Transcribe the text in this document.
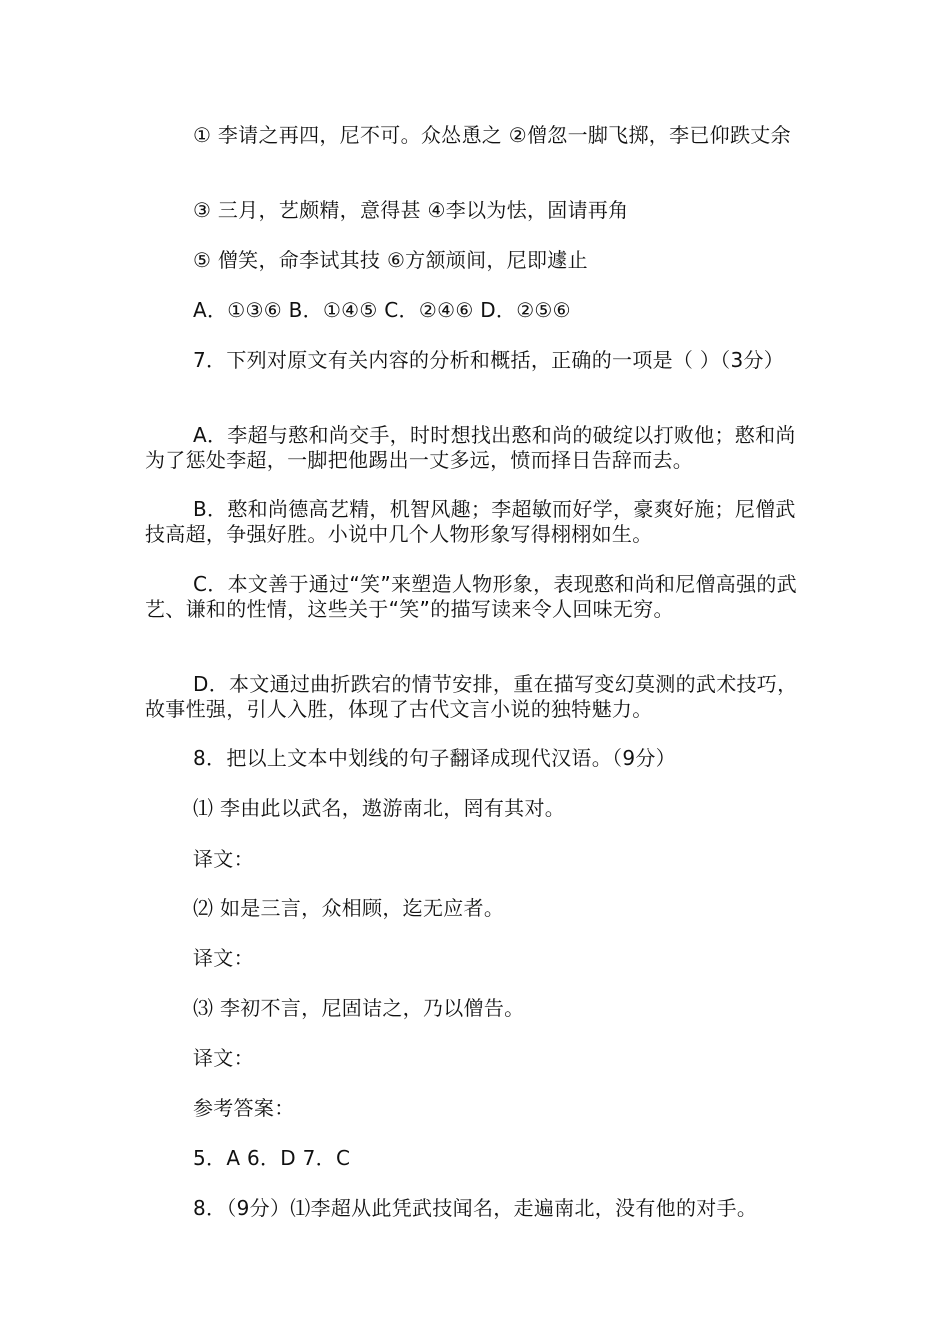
① 李请之再四，尼不可。众怂恿之 ②僧忽一脚飞掷，李已仰跌丈余
③ 三月，艺颇精，意得甚 ④李以为怯，固请再角
⑤ 僧笑，命李试其技 ⑥方颔颃间，尼即遽止
A．①③⑥ B．①④⑤ C．②④⑥ D．②⑤⑥
7．下列对原文有关内容的分析和概括，正确的一项是（ ）（3分）
A．李超与憨和尚交手，时时想找出憨和尚的破绽以打败他；憨和尚为了惩处李超，一脚把他踢出一丈多远，愤而择日告辞而去。
B．憨和尚德高艺精，机智风趣；李超敏而好学，豪爽好施；尼僧武技高超，争强好胜。小说中几个人物形象写得栩栩如生。
C．本文善于通过“笑”来塑造人物形象，表现憨和尚和尼僧高强的武艺、谦和的性情，这些关于“笑”的描写读来令人回味无穷。
D．本文通过曲折跌宕的情节安排，重在描写变幻莫测的武术技巧，故事性强，引人入胜，体现了古代文言小说的独特魅力。
8．把以上文本中划线的句子翻译成现代汉语。（9分）
⑴ 李由此以武名，遨游南北，罔有其对。
译文：
⑵ 如是三言，众相顾，迄无应者。
译文：
⑶ 李初不言，尼固诘之，乃以僧告。
译文：
参考答案：
5．A 6．D 7．C
8．（9分）⑴李超从此凭武技闻名，走遍南北，没有他的对手。
